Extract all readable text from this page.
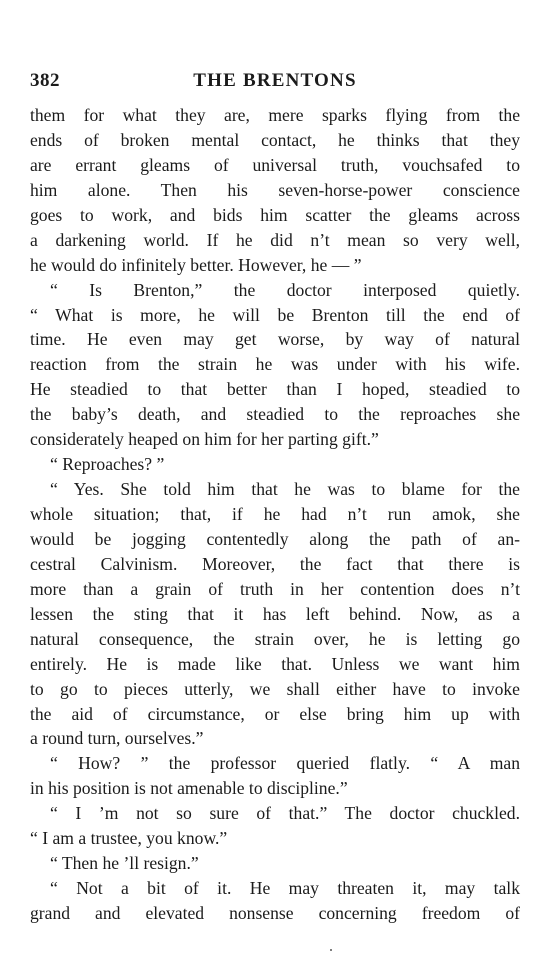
382	THE BRENTONS
them for what they are, mere sparks flying from the
ends of broken mental contact, he thinks that they
are errant gleams of universal truth, vouchsafed to
him alone. Then his seven-horse-power conscience
goes to work, and bids him scatter the gleams across
a darkening world. If he did n’t mean so very well,
he would do infinitely better. However, he — ”
“ Is Brenton,” the doctor interposed quietly.
“ What is more, he will be Brenton till the end of
time. He even may get worse, by way of natural
reaction from the strain he was under with his wife.
He steadied to that better than I hoped, steadied to
the baby’s death, and steadied to the reproaches she
considerately heaped on him for her parting gift.”
“ Reproaches? ”
“ Yes. She told him that he was to blame for the
whole situation; that, if he had n’t run amok, she
would be jogging contentedly along the path of an-
cestral Calvinism. Moreover, the fact that there is
more than a grain of truth in her contention does n’t
lessen the sting that it has left behind. Now, as a
natural consequence, the strain over, he is letting go
entirely. He is made like that. Unless we want him
to go to pieces utterly, we shall either have to invoke
the aid of circumstance, or else bring him up with
a round turn, ourselves.”
“ How? ” the professor queried flatly. “ A man
in his position is not amenable to discipline.”
“ I ’m not so sure of that.” The doctor chuckled.
“ I am a trustee, you know.”
“ Then he ’ll resign.”
“ Not a bit of it. He may threaten it, may talk
grand and elevated nonsense concerning freedom of
